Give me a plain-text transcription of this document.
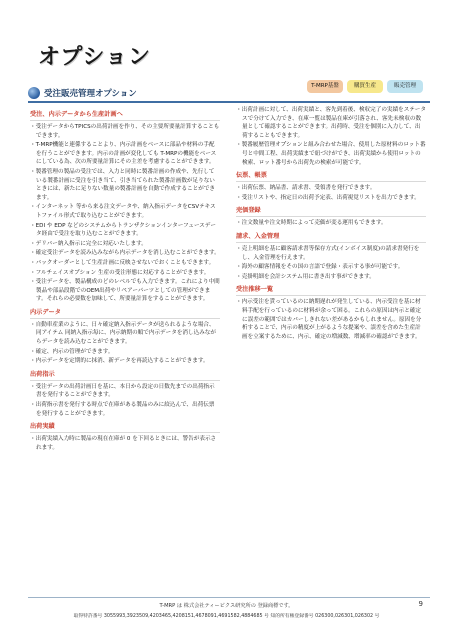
オプション
T-MRP基盤	購買生産	販売管理
受注販売管理オプション
受注、内示データから生産計画へ
・ 受注データからTPICSの出荷計画を作り、その主要所要量計算することもできます。
・ T-MRP機能と連係することより、内示計画をベースに部品や材料の手配を行うことができます。内示の計画が変化しても T-MRPの機能をベースにしている為、次の所要量計算にその主差を考慮することができます。
・ 製番管理の製品の受注では、入力と同時に製番計画の作成や、先行している製番計画に受注を引き当て、引き当てられた製番計画数が足りないときには、新たに足りない数量の製番計画を自動で作成することができます。
・ インターネット 等から来る注文データや、納入指示データをCSVテキストファイル形式で取り込むことができます。
・ EDI や EDP などのシステムからトランザクションインターフェースデータ経由で受注を取り込むことができます。
・ デリバー納入指示に完全に対応いたします。
・ 確定受注データを読み込みながら内示データを消し込むことができます。
・ バックオーダーとして生産計画に反映させないでおくこともできます。
・ フルチェイスオプション 生産の受注形態に対応することができます。
・ 受注データを、製品構成のどのレベルでも入力できます。これにより中間製品や部品段階でのOEM出荷やリペアーパーツとしての管理ができます。それらの必要数を加味して、所要量計算をすることができます。
内示データ
・ 自動車産業のように、日々確定納入指示データが送られるような場合、同アイテム 同納入指示毎に、内示納期の順で内示データを消し込みながらデータを読み込むことができます。
・ 確定、内示の管理ができます。
・ 内示データを定期的に抹消、新データを再読込することができます。
出荷指示
・ 受注データの出荷計画日を基に、本日から設定の日数先までの出荷指示書を発行することができます。
・ 出荷指示書を発行する時点で在庫がある製品のみに絞込んで、出荷伝票を発行することができます。
出荷実績
・ 出荷実績入力時に製品の現在在庫が 0 を下回るときには、警告が表示されます。
・ 出荷計画に対して、出荷実績と、客先到着後、検収完了の実績をステータスで分けて入力でき、在庫一覧は製品在庫が引落され、客先未検収の数量として確認することができます。出荷時、受注を個別に入力して、出荷することもできます。
・ 製番履歴管理オプションと組み合わせた場合、使用した原材料のロット番号と中間工程、出荷実績まで紐づけができ、出荷実績から使用ロットの検索、ロット番号から出荷先の検索が可能です。
伝票、帳票
・ 出荷伝票、納品書、請求書、受領書を発行できます。
・ 受注リストや、指定日の出荷予定表、出荷視覚リストを出力できます。
売価登録
・ 注文数量や注文時期によって売価が変る運用もできます。
請求、入金管理
・ 売上明細を基に顧客請求書等保存方式(インボイス制度)の請求書発行をし、入金管理を行えます。
・ 海外の顧客情報をその国の言語で登録・表示する事が可能です。
・ 売掛明細を会計システム用に書き出す事ができます。
受注推移一覧
・ 内示受注を貰っているのに納期遅れが発生している、内示受注を基に材料手配を行っているのに材料が余って困る。これらの原因は内示と確定に誤差の範囲ではカバーしきれない差があるかもしれません。原因を分析することで、内示の精度が上がるような提案や、誤差を含めた生産計画を立案するために、内示、確定の増減数、増減率の確認ができます。
T-MRP は 株式会社ティーピクス研究所の 登録商標です。	9
取得特許番号 3055993,3923509,4203465,4208151,4678091,4691582,4884685 号 知的所有権登録番号 026300,026301,026302 号
